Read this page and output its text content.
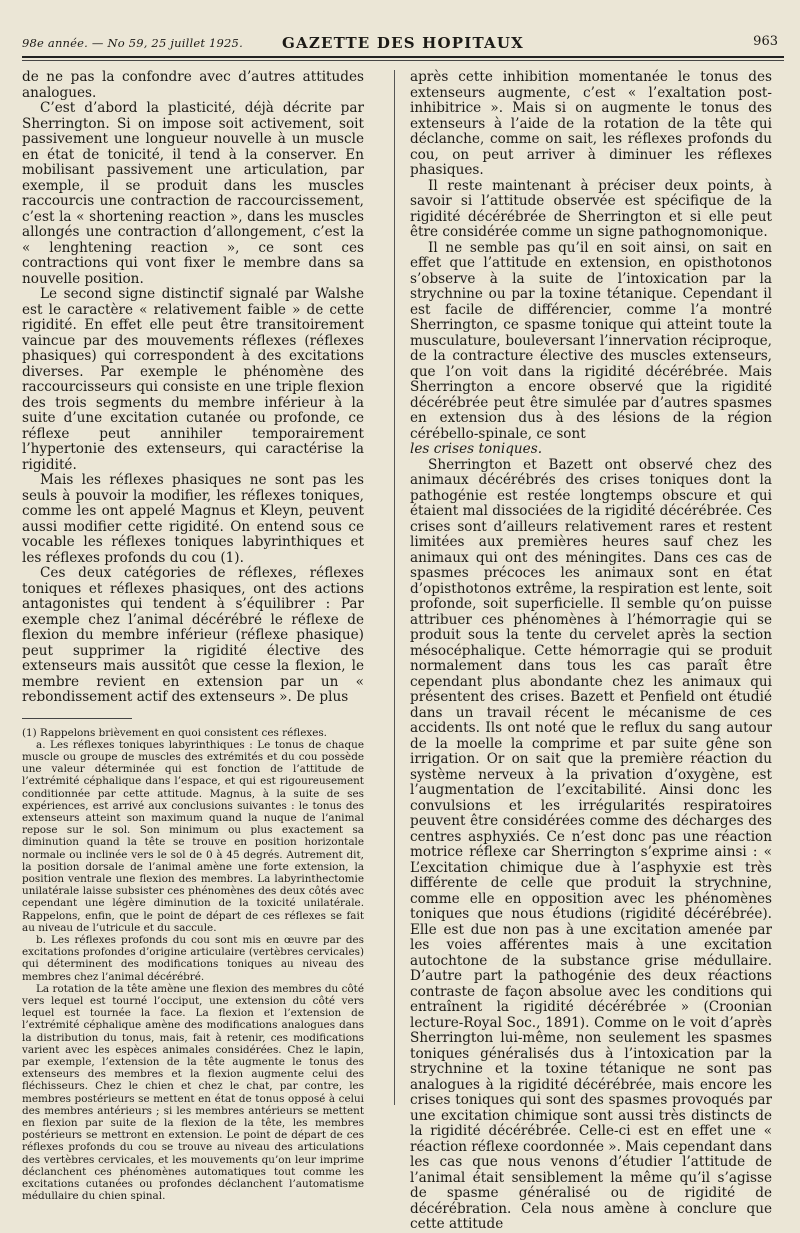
98e année. — No 59, 25 juillet 1925.	GAZETTE DES HOPITAUX	963

de ne pas la confondre avec d’autres attitudes analogues.

C’est d’abord la plasticité, déjà décrite par Sherrington. Si on impose soit activement, soit passivement une longueur nouvelle à un muscle en état de tonicité, il tend à la conserver. En mobilisant passivement une articulation, par exemple, il se produit dans les muscles raccourcis une contraction de raccourcissement, c’est la « shortening reaction », dans les muscles allongés une contraction d’allongement, c’est la « lenghtening reaction », ce sont ces contractions qui vont fixer le membre dans sa nouvelle position.

Le second signe distinctif signalé par Walshe est le caractère « relativement faible » de cette rigidité. En effet elle peut être transitoirement vaincue par des mouvements réflexes (réflexes phasiques) qui correspondent à des excitations diverses. Par exemple le phénomène des raccourcisseurs qui consiste en une triple flexion des trois segments du membre inférieur à la suite d’une excitation cutanée ou profonde, ce réflexe peut annihiler temporairement l’hypertonie des extenseurs, qui caractérise la rigidité.

Mais les réflexes phasiques ne sont pas les seuls à pouvoir la modifier, les réflexes toniques, comme les ont appelé Magnus et Kleyn, peuvent aussi modifier cette rigidité. On entend sous ce vocable les réflexes toniques labyrinthiques et les réflexes profonds du cou (1).

Ces deux catégories de réflexes, réflexes toniques et réflexes phasiques, ont des actions antagonistes qui tendent à s’équilibrer : Par exemple chez l’animal décérébré le réflexe de flexion du membre inférieur (réflexe phasique) peut supprimer la rigidité élective des extenseurs mais aussitôt que cesse la flexion, le membre revient en extension par un « rebondissement actif des extenseurs ». De plus

(1) Rappelons brièvement en quoi consistent ces réflexes.

a. Les réflexes toniques labyrinthiques : Le tonus de chaque muscle ou groupe de muscles des extrémités et du cou possède une valeur déterminée qui est fonction de l’attitude de l’extrémité céphalique dans l’espace, et qui est rigoureusement conditionnée par cette attitude. Magnus, à la suite de ses expériences, est arrivé aux conclusions suivantes : le tonus des extenseurs atteint son maximum quand la nuque de l’animal repose sur le sol. Son minimum ou plus exactement sa diminution quand la tête se trouve en position horizontale normale ou inclinée vers le sol de 0 à 45 degrés. Autrement dit, la position dorsale de l’animal amène une forte extension, la position ventrale une flexion des membres. La labyrinthectomie unilatérale laisse subsister ces phénomènes des deux côtés avec cependant une légère diminution de la toxicité unilatérale. Rappelons, enfin, que le point de départ de ces réflexes se fait au niveau de l’utricule et du saccule.

b. Les réflexes profonds du cou sont mis en œuvre par des excitations profondes d’origine articulaire (vertèbres cervicales) qui déterminent des modifications toniques au niveau des membres chez l’animal décérébré.

La rotation de la tête amène une flexion des membres du côté vers lequel est tourné l’occiput, une extension du côté vers lequel est tournée la face. La flexion et l’extension de l’extrémité céphalique amène des modifications analogues dans la distribution du tonus, mais, fait à retenir, ces modifications varient avec les espèces animales considérées. Chez le lapin, par exemple, l’extension de la tête augmente le tonus des extenseurs des membres et la flexion augmente celui des fléchisseurs. Chez le chien et chez le chat, par contre, les membres postérieurs se mettent en état de tonus opposé à celui des membres antérieurs ; si les membres antérieurs se mettent en flexion par suite de la flexion de la tête, les membres postérieurs se mettront en extension. Le point de départ de ces réflexes profonds du cou se trouve au niveau des articulations des vertèbres cervicales, et les mouvements qu’on leur imprime déclanchent ces phénomènes automatiques tout comme les excitations cutanées ou profondes déclanchent l’automatisme médullaire du chien spinal.

après cette inhibition momentanée le tonus des extenseurs augmente, c’est « l’exaltation post-inhibitrice ». Mais si on augmente le tonus des extenseurs à l’aide de la rotation de la tête qui déclanche, comme on sait, les réflexes profonds du cou, on peut arriver à diminuer les réflexes phasiques.

Il reste maintenant à préciser deux points, à savoir si l’attitude observée est spécifique de la rigidité décérébrée de Sherrington et si elle peut être considérée comme un signe pathognomonique.

Il ne semble pas qu’il en soit ainsi, on sait en effet que l’attitude en extension, en opisthotonos s’observe à la suite de l’intoxication par la strychnine ou par la toxine tétanique. Cependant il est facile de différencier, comme l’a montré Sherrington, ce spasme tonique qui atteint toute la musculature, bouleversant l’innervation réciproque, de la contracture élective des muscles extenseurs, que l’on voit dans la rigidité décérébrée. Mais Sherrington a encore observé que la rigidité décérébrée peut être simulée par d’autres spasmes en extension dus à des lésions de la région cérébello-spinale, ce sont

les crises toniques.

Sherrington et Bazett ont observé chez des animaux décérébrés des crises toniques dont la pathogénie est restée longtemps obscure et qui étaient mal dissociées de la rigidité décérébrée. Ces crises sont d’ailleurs relativement rares et restent limitées aux premières heures sauf chez les animaux qui ont des méningites. Dans ces cas de spasmes précoces les animaux sont en état d’opisthotonos extrême, la respiration est lente, soit profonde, soit superficielle. Il semble qu’on puisse attribuer ces phénomènes à l’hémorragie qui se produit sous la tente du cervelet après la section mésocéphalique. Cette hémorragie qui se produit normalement dans tous les cas paraît être cependant plus abondante chez les animaux qui présentent des crises. Bazett et Penfield ont étudié dans un travail récent le mécanisme de ces accidents. Ils ont noté que le reflux du sang autour de la moelle la comprime et par suite gêne son irrigation. Or on sait que la première réaction du système nerveux à la privation d’oxygène, est l’augmentation de l’excitabilité. Ainsi donc les convulsions et les irrégularités respiratoires peuvent être considérées comme des décharges des centres asphyxiés. Ce n’est donc pas une réaction motrice réflexe car Sherrington s’exprime ainsi : « L’excitation chimique due à l’asphyxie est très différente de celle que produit la strychnine, comme elle en opposition avec les phénomènes toniques que nous étudions (rigidité décérébrée). Elle est due non pas à une excitation amenée par les voies afférentes mais à une excitation autochtone de la substance grise médullaire. D’autre part la pathogénie des deux réactions contraste de façon absolue avec les conditions qui entraînent la rigidité décérébrée » (Croonian lecture-Royal Soc., 1891). Comme on le voit d’après Sherrington lui-même, non seulement les spasmes toniques généralisés dus à l’intoxication par la strychnine et la toxine tétanique ne sont pas analogues à la rigidité décérébrée, mais encore les crises toniques qui sont des spasmes provoqués par une excitation chimique sont aussi très distincts de la rigidité décérébrée. Celle-ci est en effet une « réaction réflexe coordonnée ». Mais cependant dans les cas que nous venons d’étudier l’attitude de l’animal était sensiblement la même qu’il s’agisse de spasme généralisé ou de rigidité de décérébration. Cela nous amène à conclure que cette attitude
